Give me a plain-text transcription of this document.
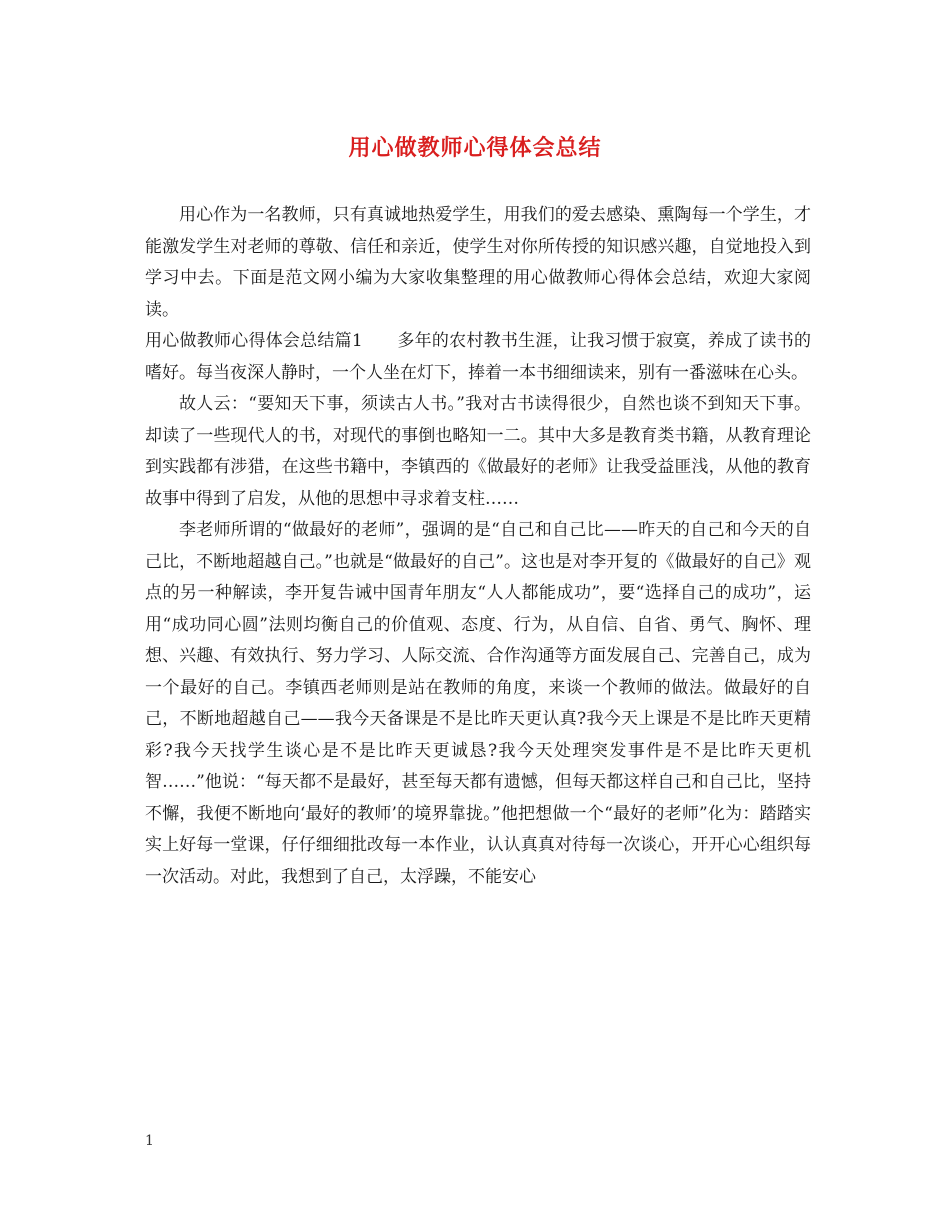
用心做教师心得体会总结

用心作为一名教师，只有真诚地热爱学生，用我们的爱去感染、熏陶每一个学生，才能激发学生对老师的尊敬、信任和亲近，使学生对你所传授的知识感兴趣，自觉地投入到学习中去。下面是范文网小编为大家收集整理的用心做教师心得体会总结，欢迎大家阅读。

用心做教师心得体会总结篇1　　多年的农村教书生涯，让我习惯于寂寞，养成了读书的嗜好。每当夜深人静时，一个人坐在灯下，捧着一本书细细读来，别有一番滋味在心头。

故人云：“要知天下事，须读古人书。”我对古书读得很少，自然也谈不到知天下事。却读了一些现代人的书，对现代的事倒也略知一二。其中大多是教育类书籍，从教育理论到实践都有涉猎，在这些书籍中，李镇西的《做最好的老师》让我受益匪浅，从他的教育故事中得到了启发，从他的思想中寻求着支柱……

李老师所谓的“做最好的老师”，强调的是“自己和自己比——昨天的自己和今天的自己比，不断地超越自己。”也就是“做最好的自己”。这也是对李开复的《做最好的自己》观点的另一种解读，李开复告诫中国青年朋友“人人都能成功”，要“选择自己的成功”，运用“成功同心圆”法则均衡自己的价值观、态度、行为，从自信、自省、勇气、胸怀、理想、兴趣、有效执行、努力学习、人际交流、合作沟通等方面发展自己、完善自己，成为一个最好的自己。李镇西老师则是站在教师的角度，来谈一个教师的做法。做最好的自己，不断地超越自己——我今天备课是不是比昨天更认真?我今天上课是不是比昨天更精彩?我今天找学生谈心是不是比昨天更诚恳?我今天处理突发事件是不是比昨天更机智……”他说：“每天都不是最好，甚至每天都有遗憾，但每天都这样自己和自己比，坚持不懈，我便不断地向‘最好的教师’的境界靠拢。”他把想做一个“最好的老师”化为：踏踏实实上好每一堂课，仔仔细细批改每一本作业，认认真真对待每一次谈心，开开心心组织每一次活动。对此，我想到了自己，太浮躁，不能安心

1
